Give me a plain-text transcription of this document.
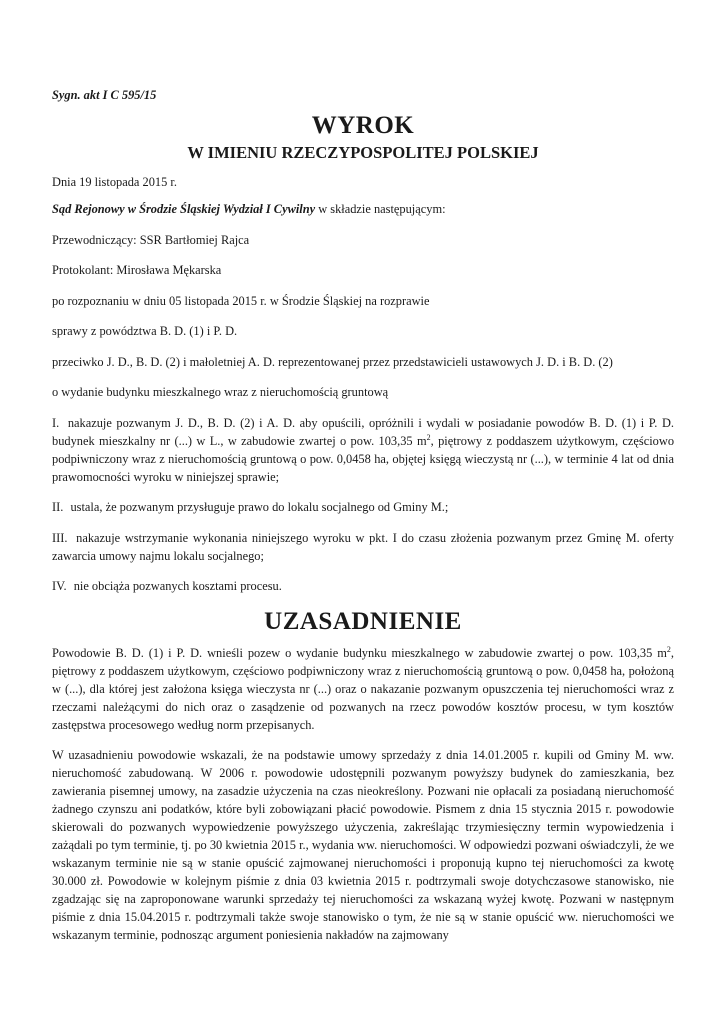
Sygn. akt I C 595/15

WYROK
W IMIENIU RZECZYPOSPOLITEJ POLSKIEJ

Dnia 19 listopada 2015 r.

Sąd Rejonowy w Środzie Śląskiej Wydział I Cywilny w składzie następującym:

Przewodniczący: SSR Bartłomiej Rajca

Protokolant: Mirosława Mękarska

po rozpoznaniu w dniu 05 listopada 2015 r. w Środzie Śląskiej na rozprawie

sprawy z powództwa B. D. (1) i P. D.

przeciwko J. D., B. D. (2) i małoletniej A. D. reprezentowanej przez przedstawicieli ustawowych J. D. i B. D. (2)

o wydanie budynku mieszkalnego wraz z nieruchomością gruntową

I. nakazuje pozwanym J. D., B. D. (2) i A. D. aby opuścili, opróżnili i wydali w posiadanie powodów B. D. (1) i P. D. budynek mieszkalny nr (...) w L., w zabudowie zwartej o pow. 103,35 $m^2$, piętrowy z poddaszem użytkowym, częściowo podpiwniczony wraz z nieruchomością gruntową o pow. 0,0458 ha, objętej księgą wieczystą nr (...), w terminie 4 lat od dnia prawomocności wyroku w niniejszej sprawie;

II. ustala, że pozwanym przysługuje prawo do lokalu socjalnego od Gminy M.;

III. nakazuje wstrzymanie wykonania niniejszego wyroku w pkt. I do czasu złożenia pozwanym przez Gminę M. oferty zawarcia umowy najmu lokalu socjalnego;

IV. nie obciąża pozwanych kosztami procesu.

UZASADNIENIE

Powodowie B. D. (1) i P. D. wnieśli pozew o wydanie budynku mieszkalnego w zabudowie zwartej o pow. 103,35 $m^2$, piętrowy z poddaszem użytkowym, częściowo podpiwniczony wraz z nieruchomością gruntową o pow. 0,0458 ha, położoną w (...), dla której jest założona księga wieczysta nr (...) oraz o nakazanie pozwanym opuszczenia tej nieruchomości wraz z rzeczami należącymi do nich oraz o zasądzenie od pozwanych na rzecz powodów kosztów procesu, w tym kosztów zastępstwa procesowego według norm przepisanych.

W uzasadnieniu powodowie wskazali, że na podstawie umowy sprzedaży z dnia 14.01.2005 r. kupili od Gminy M. ww. nieruchomość zabudowaną. W 2006 r. powodowie udostępnili pozwanym powyższy budynek do zamieszkania, bez zawierania pisemnej umowy, na zasadzie użyczenia na czas nieokreślony. Pozwani nie opłacali za posiadaną nieruchomość żadnego czynszu ani podatków, które byli zobowiązani płacić powodowie. Pismem z dnia 15 stycznia 2015 r. powodowie skierowali do pozwanych wypowiedzenie powyższego użyczenia, zakreślając trzymiesięczny termin wypowiedzenia i zażądali po tym terminie, tj. po 30 kwietnia 2015 r., wydania ww. nieruchomości. W odpowiedzi pozwani oświadczyli, że we wskazanym terminie nie są w stanie opuścić zajmowanej nieruchomości i proponują kupno tej nieruchomości za kwotę 30.000 zł. Powodowie w kolejnym piśmie z dnia 03 kwietnia 2015 r. podtrzymali swoje dotychczasowe stanowisko, nie zgadzając się na zaproponowane warunki sprzedaży tej nieruchomości za wskazaną wyżej kwotę. Pozwani w następnym piśmie z dnia 15.04.2015 r. podtrzymali także swoje stanowisko o tym, że nie są w stanie opuścić ww. nieruchomości we wskazanym terminie, podnosząc argument poniesienia nakładów na zajmowany
